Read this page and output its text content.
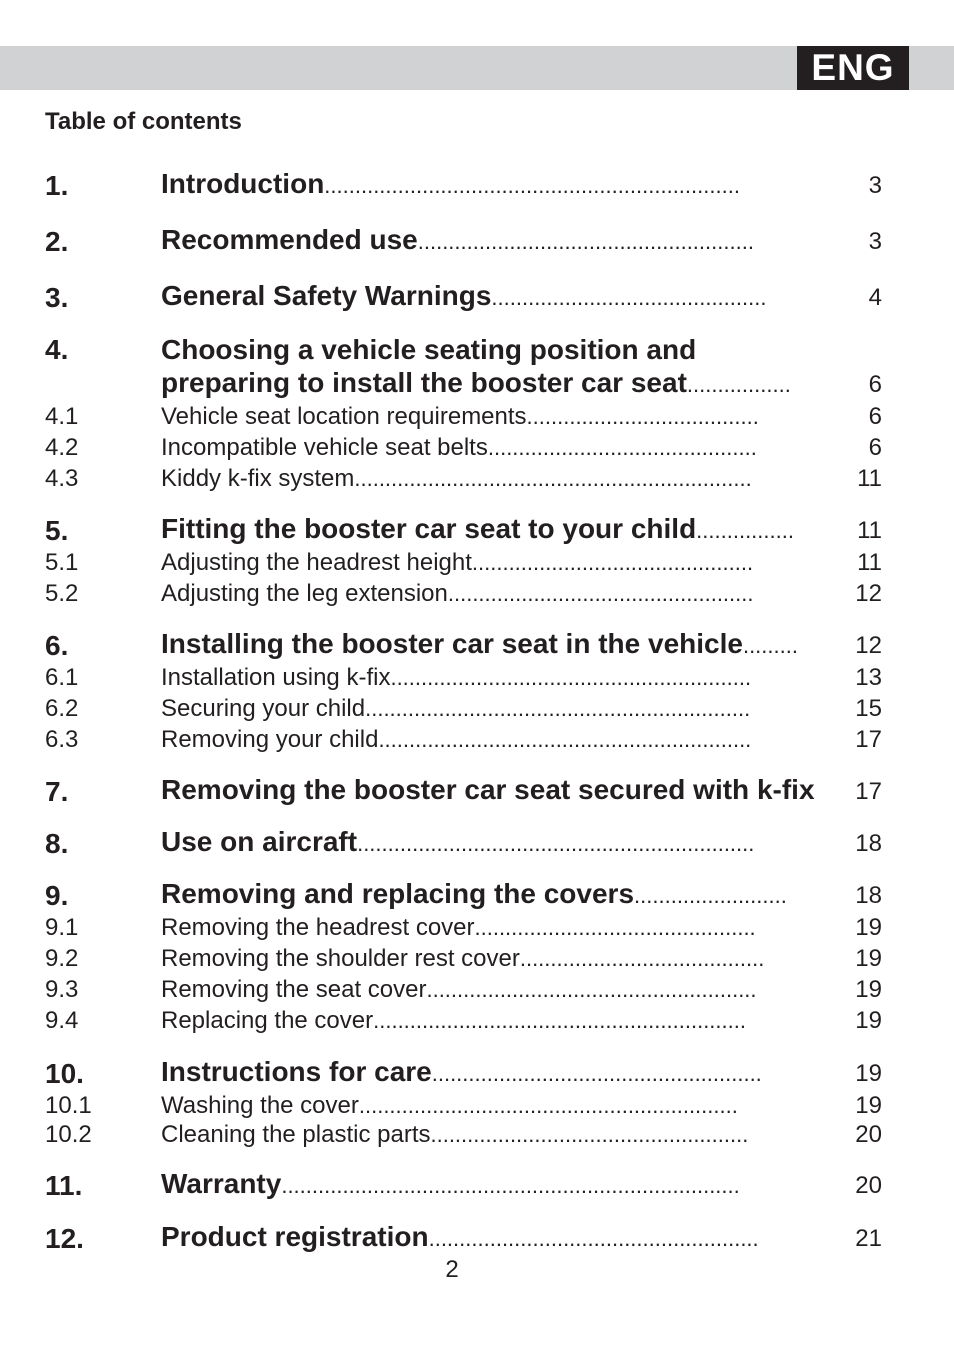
ENG
Table of contents
1.	Introduction....................................................................	3
2.	Recommended use.......................................................	3
3.	General Safety Warnings.............................................	4
4.	Choosing a vehicle seating position and
preparing to install the booster car seat.................	6
4.1	Vehicle seat location requirements......................................	6
4.2	Incompatible vehicle seat belts............................................	6
4.3	Kiddy k-fix system.................................................................	11
5.	Fitting the booster car seat to your child................	11
5.1	Adjusting the headrest height..............................................	11
5.2	Adjusting the leg extension..................................................	12
6.	Installing the booster car seat in the vehicle.........	12
6.1	Installation using k-fix...........................................................	13
6.2	Securing your child...............................................................	15
6.3	Removing your child.............................................................	17
7.	Removing the booster car seat secured with k-fix	17
8.	Use on aircraft.................................................................	18
9.	Removing and replacing the covers.........................	18
9.1	Removing the headrest cover..............................................	19
9.2	Removing the shoulder rest cover........................................	19
9.3	Removing the seat cover......................................................	19
9.4	Replacing the cover.............................................................	19
10.	Instructions for care......................................................	19
10.1	Washing the cover..............................................................	19
10.2	Cleaning the plastic parts....................................................	20
11.	Warranty...........................................................................	20
12.	Product registration......................................................	21
2
